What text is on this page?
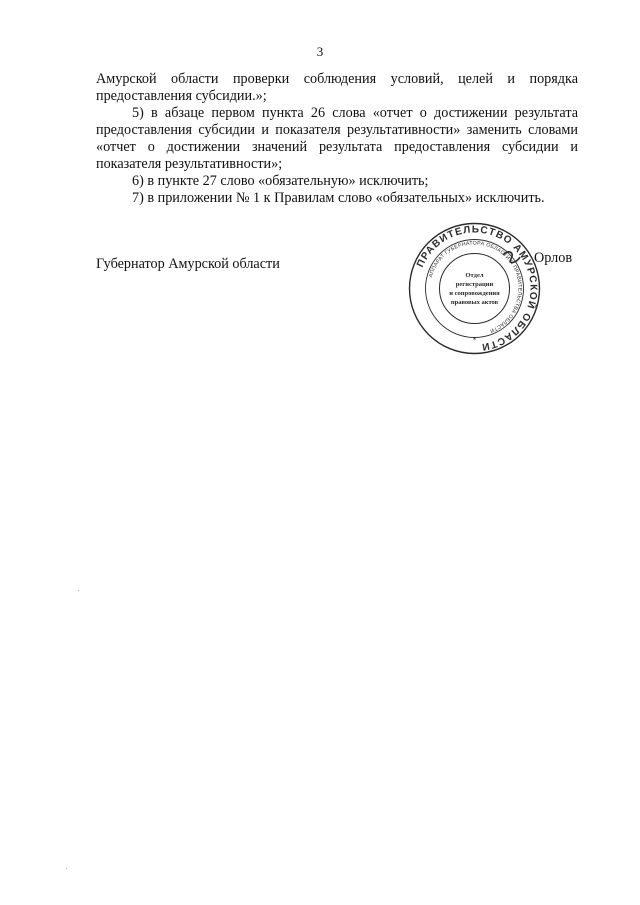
3

Амурской области проверки соблюдения условий, целей и порядка предоставления субсидии.»;

5) в абзаце первом пункта 26 слова «отчет о достижении результата предоставления субсидии и показателя результативности» заменить словами «отчет о достижении значений результата предоставления субсидии и показателя результативности»;

6) в пункте 27 слово «обязательную» исключить;

7) в приложении № 1 к Правилам слово «обязательных» исключить.

Губернатор Амурской области	ПРАВИТЕЛЬСТВО АМУРСКОЙ ОБЛАСТИ
АППАРАТ ГУБЕРНАТОРА ОБЛАСТИ И ПРАВИТЕЛЬСТВА ОБЛАСТИ
Отдел
регистрации
и сопровождения
правовых актов
*
Орлов
